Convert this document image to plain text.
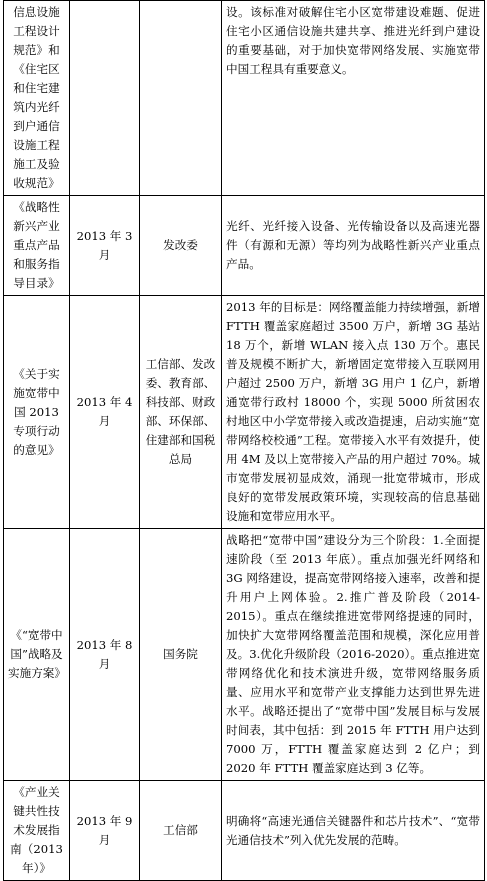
信息设施工程设计规范》和《住宅区和住宅建筑内光纤到户通信设施工程施工及验收规范》			设。该标准对破解住宅小区宽带建设难题、促进住宅小区通信设施共建共享、推进光纤到户建设的重要基础，对于加快宽带网络发展、实施宽带中国工程具有重要意义。
《战略性新兴产业重点产品和服务指导目录》	2013 年 3 月	发改委	光纤、光纤接入设备、光传输设备以及高速光器件（有源和无源）等均列为战略性新兴产业重点产品。
《关于实施宽带中国 2013 专项行动的意见》	2013 年 4 月	工信部、发改委、教育部、科技部、财政部、环保部、住建部和国税总局	2013 年的目标是：网络覆盖能力持续增强，新增 FTTH 覆盖家庭超过 3500 万户，新增 3G 基站 18 万个，新增 WLAN 接入点 130 万个。惠民普及规模不断扩大，新增固定宽带接入互联网用户超过 2500 万户，新增 3G 用户 1 亿户，新增通宽带行政村 18000 个，实现 5000 所贫困农村地区中小学宽带接入或改造提速，启动实施“宽带网络校校通”工程。宽带接入水平有效提升，使用 4M 及以上宽带接入产品的用户超过 70%。城市宽带发展初显成效，涌现一批宽带城市，形成良好的宽带发展政策环境，实现较高的信息基础设施和宽带应用水平。
《“宽带中国”战略及实施方案》	2013 年 8 月	国务院	战略把“宽带中国”建设分为三个阶段：1.全面提速阶段（至 2013 年底）。重点加强光纤网络和 3G 网络建设，提高宽带网络接入速率，改善和提升用户上网体验。2.推广普及阶段（2014-2015）。重点在继续推进宽带网络提速的同时，加快扩大宽带网络覆盖范围和规模，深化应用普及。3.优化升级阶段（2016-2020）。重点推进宽带网络优化和技术演进升级，宽带网络服务质量、应用水平和宽带产业支撑能力达到世界先进水平。战略还提出了“宽带中国”发展目标与发展时间表，其中包括：到 2015 年 FTTH 用户达到 7000 万，FTTH 覆盖家庭达到 2 亿户；到 2020 年 FTTH 覆盖家庭达到 3 亿等。
《产业关键共性技术发展指南（2013 年）》	2013 年 9 月	工信部	明确将“高速光通信关键器件和芯片技术”、“宽带光通信技术”列入优先发展的范畴。
